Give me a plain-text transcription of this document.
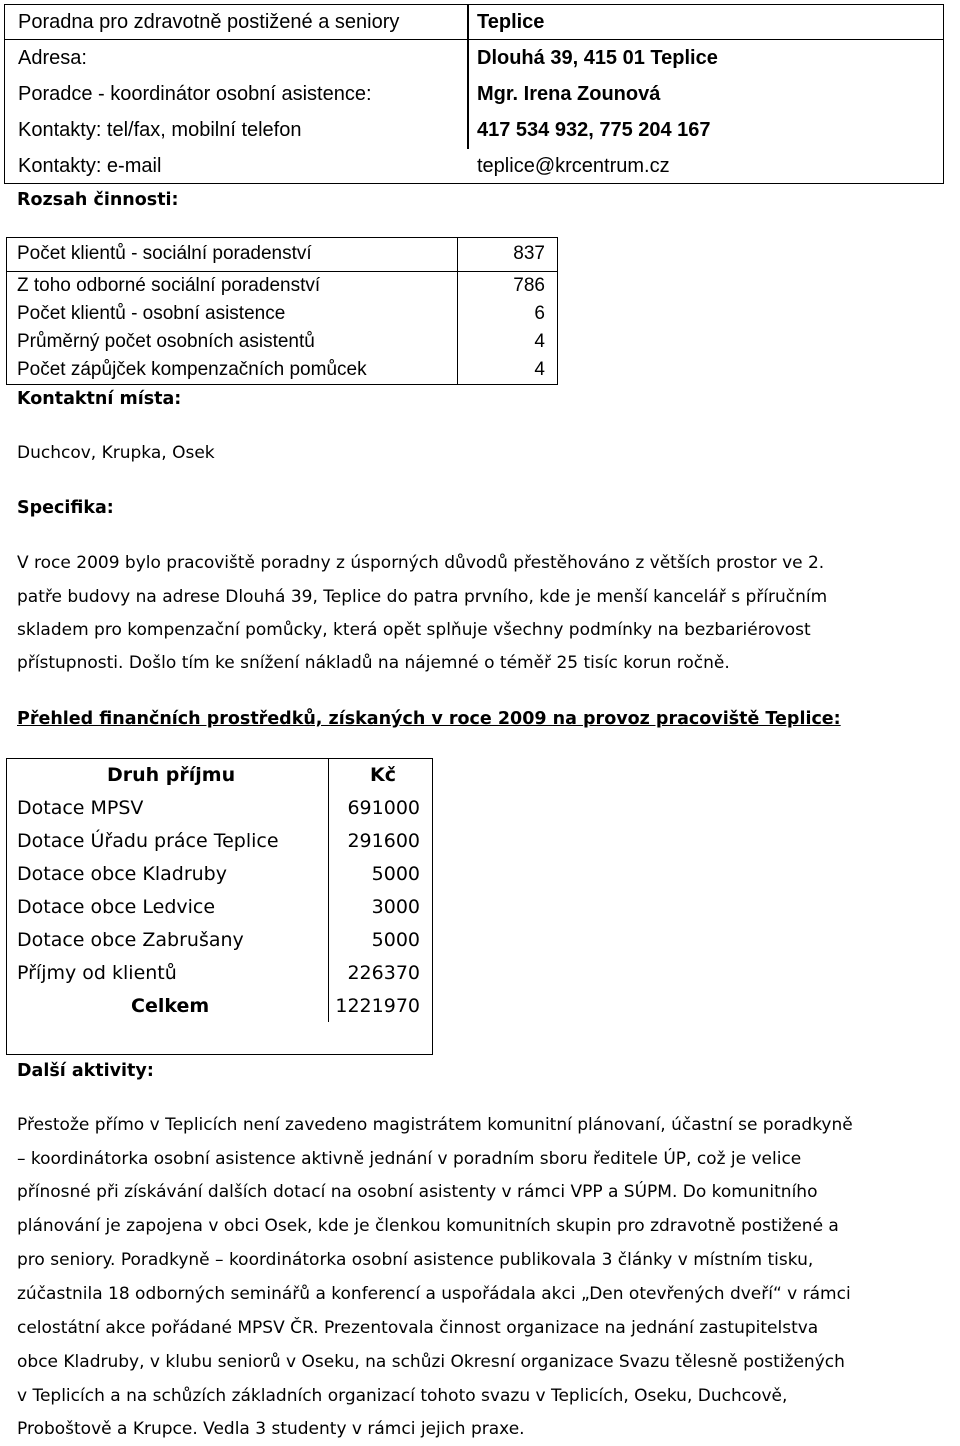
Poradna pro zdravotně postižené a seniory	Teplice
Adresa:	Dlouhá 39, 415 01 Teplice
Poradce - koordinátor osobní asistence:	Mgr. Irena Zounová
Kontakty: tel/fax, mobilní telefon	417 534 932, 775 204 167
Kontakty: e-mail	teplice@krcentrum.cz
Rozsah činnosti:
Počet klientů - sociální poradenství	837
Z toho odborné sociální poradenství	786
Počet klientů - osobní asistence	6
Průměrný počet osobních asistentů	4
Počet zápůjček kompenzačních pomůcek	4
Kontaktní místa:
Duchcov, Krupka, Osek
Specifika:
V roce 2009 bylo pracoviště poradny z úsporných důvodů přestěhováno z větších prostor ve 2.
patře budovy na adrese Dlouhá 39, Teplice do patra prvního, kde je menší kancelář s příručním
skladem pro kompenzační pomůcky, která opět splňuje všechny podmínky na bezbariérovost
přístupnosti. Došlo tím ke snížení nákladů na nájemné o téměř 25 tisíc korun ročně.
Přehled finančních prostředků, získaných v roce 2009 na provoz pracoviště Teplice:
Druh příjmu	Kč
Dotace MPSV	691000
Dotace Úřadu práce Teplice	291600
Dotace obce Kladruby	5000
Dotace obce Ledvice	3000
Dotace obce Zabrušany	5000
Příjmy od klientů	226370
Celkem	1221970
Další aktivity:
Přestože přímo v Teplicích není zavedeno magistrátem komunitní plánovaní, účastní se poradkyně
– koordinátorka osobní asistence aktivně jednání v poradním sboru ředitele ÚP, což je velice
přínosné při získávání dalších dotací na osobní asistenty v rámci VPP a SÚPM. Do komunitního
plánování je zapojena v obci Osek, kde je členkou komunitních skupin pro zdravotně postižené a
pro seniory. Poradkyně – koordinátorka osobní asistence publikovala 3 články v místním tisku,
zúčastnila 18 odborných seminářů a konferencí a uspořádala akci „Den otevřených dveří“ v rámci
celostátní akce pořádané MPSV ČR. Prezentovala činnost organizace na jednání zastupitelstva
obce Kladruby, v klubu seniorů v Oseku, na schůzi Okresní organizace Svazu tělesně postižených
v Teplicích a na schůzích základních organizací tohoto svazu v Teplicích, Oseku, Duchcově,
Proboštově a Krupce. Vedla 3 studenty v rámci jejich praxe.
